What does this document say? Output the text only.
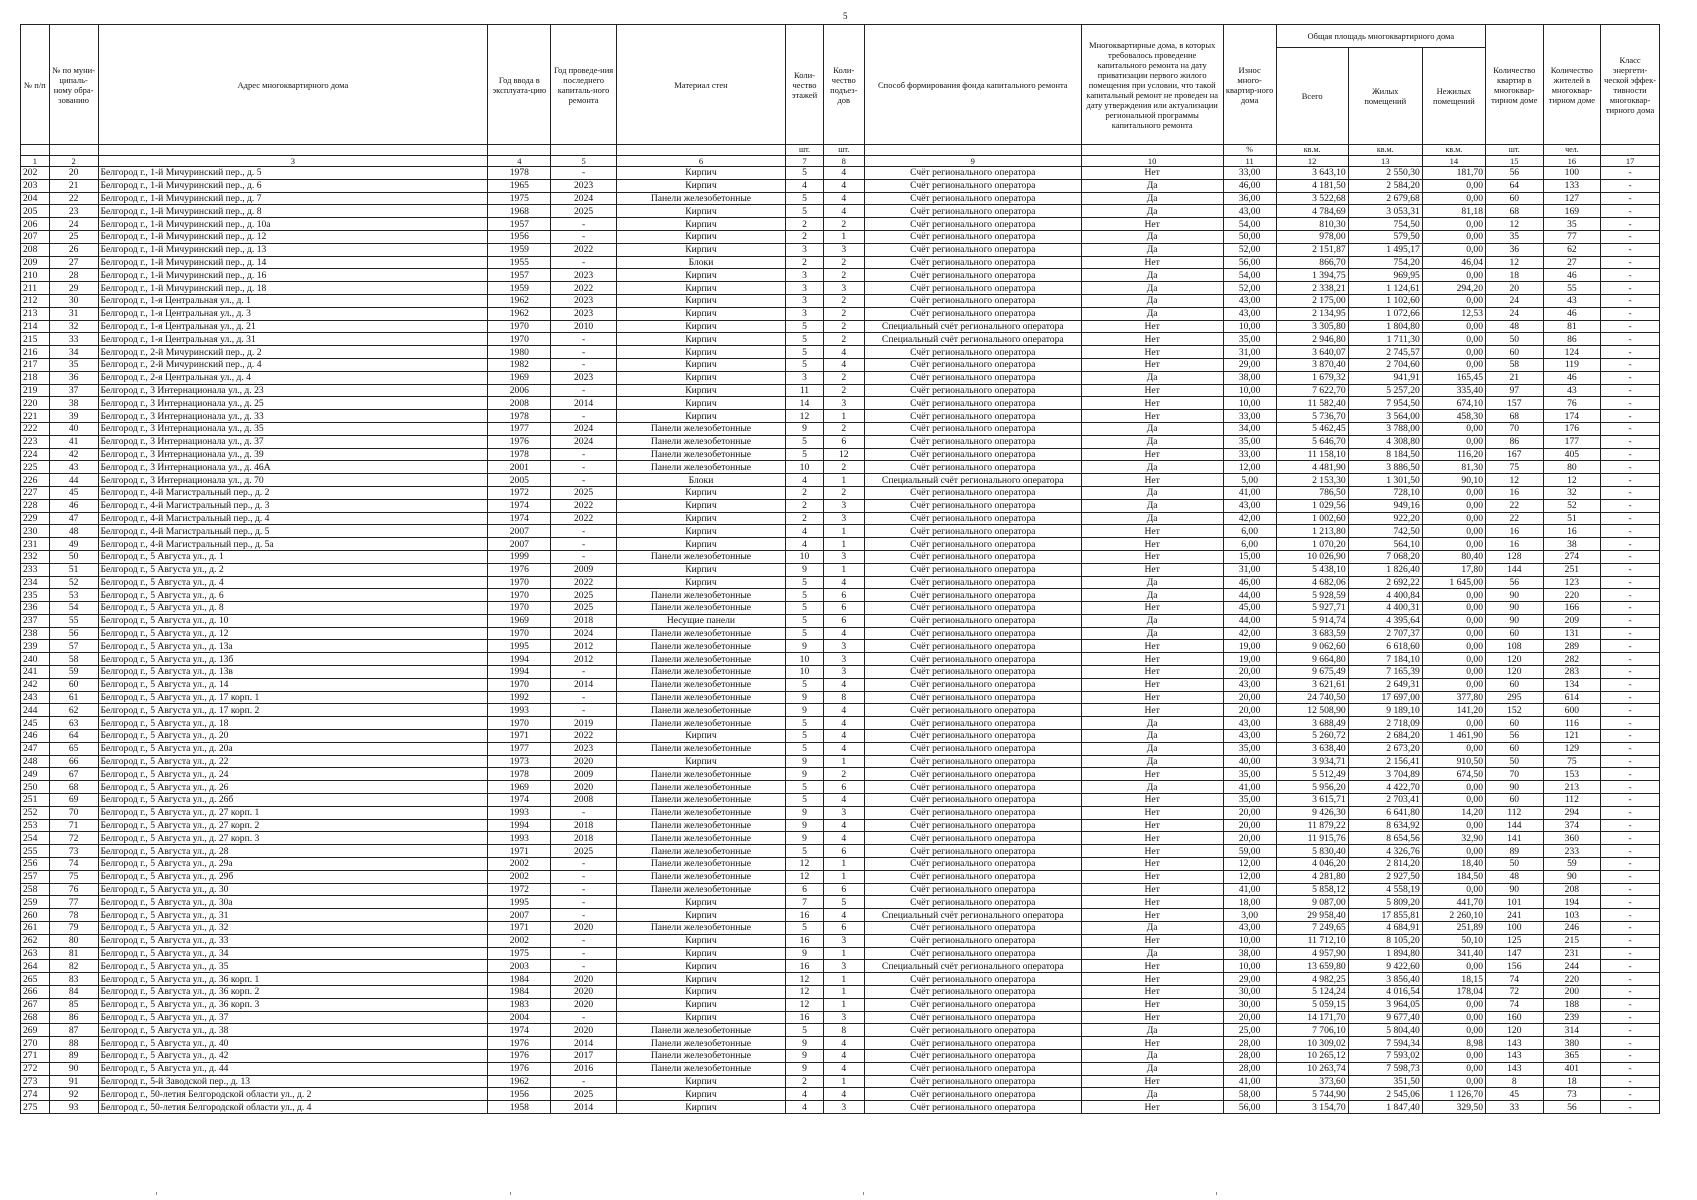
5
№ п/п	№ по муни-ципаль-ному обра-зованию	Адрес многоквартирного дома	Год ввода в эксплуата-цию	Год проведе-ния последнего капиталь-ного ремонта	Материал стен	Коли-чество этажей	Коли-чество подъез-дов	Способ формирования фонда капитального ремонта	Многоквартирные дома, в которых требовалось проведение капитального ремонта на дату приватизации первого жилого помещения при условии, что такой капитальный ремонт не проведен на дату утверждения или актуализации региональной программы капитального ремонта	Износ много-квартир-ного дома	Общая площадь многоквартирного дома			Количество квартир в многоквар-тирном доме	Количество жителей в многоквар-тирном доме	Класс энергети-ческой эффек-тивности многоквар-тирного дома
											Всего	Жилых помещений	Нежилых помещений			
						шт.	шт.			%	кв.м.	кв.м.	кв.м.	шт.	чел.	
1	2	3	4	5	6	7	8	9	10	11	12	13	14	15	16	17
202	20	Белгород г., 1-й Мичуринский пер., д. 5	1978	-	Кирпич	5	4	Счёт регионального оператора	Нет	33,00	3 643,10	2 550,30	181,70	56	100	-
203	21	Белгород г., 1-й Мичуринский пер., д. 6	1965	2023	Кирпич	4	4	Счёт регионального оператора	Да	46,00	4 181,50	2 584,20	0,00	64	133	-
204	22	Белгород г., 1-й Мичуринский пер., д. 7	1975	2024	Панели железобетонные	5	4	Счёт регионального оператора	Да	36,00	3 522,68	2 679,68	0,00	60	127	-
205	23	Белгород г., 1-й Мичуринский пер., д. 8	1968	2025	Кирпич	5	4	Счёт регионального оператора	Да	43,00	4 784,69	3 053,31	81,18	68	169	-
206	24	Белгород г., 1-й Мичуринский пер., д. 10а	1957	-	Кирпич	2	2	Счёт регионального оператора	Нет	54,00	810,30	754,50	0,00	12	35	-
207	25	Белгород г., 1-й Мичуринский пер., д. 12	1956	-	Кирпич	2	1	Счёт регионального оператора	Да	50,00	978,00	579,50	0,00	35	77	-
208	26	Белгород г., 1-й Мичуринский пер., д. 13	1959	2022	Кирпич	3	3	Счёт регионального оператора	Да	52,00	2 151,87	1 495,17	0,00	36	62	-
209	27	Белгород г., 1-й Мичуринский пер., д. 14	1955	-	Блоки	2	2	Счёт регионального оператора	Нет	56,00	866,70	754,20	46,04	12	27	-
210	28	Белгород г., 1-й Мичуринский пер., д. 16	1957	2023	Кирпич	3	2	Счёт регионального оператора	Да	54,00	1 394,75	969,95	0,00	18	46	-
211	29	Белгород г., 1-й Мичуринский пер., д. 18	1959	2022	Кирпич	3	3	Счёт регионального оператора	Да	52,00	2 338,21	1 124,61	294,20	20	55	-
212	30	Белгород г., 1-я Центральная ул., д. 1	1962	2023	Кирпич	3	2	Счёт регионального оператора	Да	43,00	2 175,00	1 102,60	0,00	24	43	-
213	31	Белгород г., 1-я Центральная ул., д. 3	1962	2023	Кирпич	3	2	Счёт регионального оператора	Да	43,00	2 134,95	1 072,66	12,53	24	46	-
214	32	Белгород г., 1-я Центральная ул., д. 21	1970	2010	Кирпич	5	2	Специальный счёт регионального оператора	Нет	10,00	3 305,80	1 804,80	0,00	48	81	-
215	33	Белгород г., 1-я Центральная ул., д. 31	1970	-	Кирпич	5	2	Специальный счёт регионального оператора	Нет	35,00	2 946,80	1 711,30	0,00	50	86	-
216	34	Белгород г., 2-й Мичуринский пер., д. 2	1980	-	Кирпич	5	4	Счёт регионального оператора	Нет	31,00	3 640,07	2 745,57	0,00	60	124	-
217	35	Белгород г., 2-й Мичуринский пер., д. 4	1982	-	Кирпич	5	4	Счёт регионального оператора	Нет	29,00	3 870,40	2 704,60	0,00	58	119	-
218	36	Белгород г., 2-я Центральная ул., д. 4	1969	2023	Кирпич	3	2	Счёт регионального оператора	Да	38,00	1 679,32	941,91	165,45	21	46	-
219	37	Белгород г., 3 Интернационала ул., д. 23	2006	-	Кирпич	11	2	Счёт регионального оператора	Нет	10,00	7 622,70	5 257,20	335,40	97	43	-
220	38	Белгород г., 3 Интернационала ул., д. 25	2008	2014	Кирпич	14	3	Счёт регионального оператора	Нет	10,00	11 582,40	7 954,50	674,10	157	76	-
221	39	Белгород г., 3 Интернационала ул., д. 33	1978	-	Кирпич	12	1	Счёт регионального оператора	Нет	33,00	5 736,70	3 564,00	458,30	68	174	-
222	40	Белгород г., 3 Интернационала ул., д. 35	1977	2024	Панели железобетонные	9	2	Счёт регионального оператора	Да	34,00	5 462,45	3 788,00	0,00	70	176	-
223	41	Белгород г., 3 Интернационала ул., д. 37	1976	2024	Панели железобетонные	5	6	Счёт регионального оператора	Да	35,00	5 646,70	4 308,80	0,00	86	177	-
224	42	Белгород г., 3 Интернационала ул., д. 39	1978	-	Панели железобетонные	5	12	Счёт регионального оператора	Нет	33,00	11 158,10	8 184,50	116,20	167	405	-
225	43	Белгород г., 3 Интернационала ул., д. 46А	2001	-	Панели железобетонные	10	2	Счёт регионального оператора	Да	12,00	4 481,90	3 886,50	81,30	75	80	-
226	44	Белгород г., 3 Интернационала ул., д. 70	2005	-	Блоки	4	1	Специальный счёт регионального оператора	Нет	5,00	2 153,30	1 301,50	90,10	12	12	-
227	45	Белгород г., 4-й Магистральный пер., д. 2	1972	2025	Кирпич	2	2	Счёт регионального оператора	Да	41,00	786,50	728,10	0,00	16	32	-
228	46	Белгород г., 4-й Магистральный пер., д. 3	1974	2022	Кирпич	2	3	Счёт регионального оператора	Да	43,00	1 029,56	949,16	0,00	22	52	-
229	47	Белгород г., 4-й Магистральный пер., д. 4	1974	2022	Кирпич	2	3	Счёт регионального оператора	Да	42,00	1 002,60	922,20	0,00	22	51	-
230	48	Белгород г., 4-й Магистральный пер., д. 5	2007	-	Кирпич	4	1	Счёт регионального оператора	Нет	6,00	1 213,80	742,50	0,00	16	16	-
231	49	Белгород г., 4-й Магистральный пер., д. 5а	2007	-	Кирпич	4	1	Счёт регионального оператора	Нет	6,00	1 070,20	564,10	0,00	16	38	-
232	50	Белгород г., 5 Августа ул., д. 1	1999	-	Панели железобетонные	10	3	Счёт регионального оператора	Нет	15,00	10 026,90	7 068,20	80,40	128	274	-
233	51	Белгород г., 5 Августа ул., д. 2	1976	2009	Кирпич	9	1	Счёт регионального оператора	Нет	31,00	5 438,10	1 826,40	17,80	144	251	-
234	52	Белгород г., 5 Августа ул., д. 4	1970	2022	Кирпич	5	4	Счёт регионального оператора	Да	46,00	4 682,06	2 692,22	1 645,00	56	123	-
235	53	Белгород г., 5 Августа ул., д. 6	1970	2025	Панели железобетонные	5	6	Счёт регионального оператора	Да	44,00	5 928,59	4 400,84	0,00	90	220	-
236	54	Белгород г., 5 Августа ул., д. 8	1970	2025	Панели железобетонные	5	6	Счёт регионального оператора	Нет	45,00	5 927,71	4 400,31	0,00	90	166	-
237	55	Белгород г., 5 Августа ул., д. 10	1969	2018	Несущие панели	5	6	Счёт регионального оператора	Да	44,00	5 914,74	4 395,64	0,00	90	209	-
238	56	Белгород г., 5 Августа ул., д. 12	1970	2024	Панели железобетонные	5	4	Счёт регионального оператора	Да	42,00	3 683,59	2 707,37	0,00	60	131	-
239	57	Белгород г., 5 Августа ул., д. 13а	1995	2012	Панели железобетонные	9	3	Счёт регионального оператора	Нет	19,00	9 062,60	6 618,60	0,00	108	289	-
240	58	Белгород г., 5 Августа ул., д. 13б	1994	2012	Панели железобетонные	10	3	Счёт регионального оператора	Нет	19,00	9 664,80	7 184,10	0,00	120	282	-
241	59	Белгород г., 5 Августа ул., д. 13в	1994	-	Панели железобетонные	10	3	Счёт регионального оператора	Нет	20,00	9 675,49	7 165,39	0,00	120	283	-
242	60	Белгород г., 5 Августа ул., д. 14	1970	2014	Панели железобетонные	5	4	Счёт регионального оператора	Нет	43,00	3 621,61	2 649,31	0,00	60	134	-
243	61	Белгород г., 5 Августа ул., д. 17 корп. 1	1992	-	Панели железобетонные	9	8	Счёт регионального оператора	Нет	20,00	24 740,50	17 697,00	377,80	295	614	-
244	62	Белгород г., 5 Августа ул., д. 17 корп. 2	1993	-	Панели железобетонные	9	4	Счёт регионального оператора	Нет	20,00	12 508,90	9 189,10	141,20	152	600	-
245	63	Белгород г., 5 Августа ул., д. 18	1970	2019	Панели железобетонные	5	4	Счёт регионального оператора	Да	43,00	3 688,49	2 718,09	0,00	60	116	-
246	64	Белгород г., 5 Августа ул., д. 20	1971	2022	Кирпич	5	4	Счёт регионального оператора	Да	43,00	5 260,72	2 684,20	1 461,90	56	121	-
247	65	Белгород г., 5 Августа ул., д. 20а	1977	2023	Панели железобетонные	5	4	Счёт регионального оператора	Да	35,00	3 638,40	2 673,20	0,00	60	129	-
248	66	Белгород г., 5 Августа ул., д. 22	1973	2020	Кирпич	9	1	Счёт регионального оператора	Да	40,00	3 934,71	2 156,41	910,50	50	75	-
249	67	Белгород г., 5 Августа ул., д. 24	1978	2009	Панели железобетонные	9	2	Счёт регионального оператора	Нет	35,00	5 512,49	3 704,89	674,50	70	153	-
250	68	Белгород г., 5 Августа ул., д. 26	1969	2020	Панели железобетонные	5	6	Счёт регионального оператора	Да	41,00	5 956,20	4 422,70	0,00	90	213	-
251	69	Белгород г., 5 Августа ул., д. 26б	1974	2008	Панели железобетонные	5	4	Счёт регионального оператора	Нет	35,00	3 615,71	2 703,41	0,00	60	112	-
252	70	Белгород г., 5 Августа ул., д. 27 корп. 1	1993	-	Панели железобетонные	9	3	Счёт регионального оператора	Нет	20,00	9 426,30	6 641,80	14,20	112	294	-
253	71	Белгород г., 5 Августа ул., д. 27 корп. 2	1994	2018	Панели железобетонные	9	4	Счёт регионального оператора	Нет	20,00	11 879,22	8 634,92	0,00	144	374	-
254	72	Белгород г., 5 Августа ул., д. 27 корп. 3	1993	2018	Панели железобетонные	9	4	Счёт регионального оператора	Нет	20,00	11 915,76	8 654,56	32,90	141	360	-
255	73	Белгород г., 5 Августа ул., д. 28	1971	2025	Панели железобетонные	5	6	Счёт регионального оператора	Нет	59,00	5 830,40	4 326,76	0,00	89	233	-
256	74	Белгород г., 5 Августа ул., д. 29а	2002	-	Панели железобетонные	12	1	Счёт регионального оператора	Нет	12,00	4 046,20	2 814,20	18,40	50	59	-
257	75	Белгород г., 5 Августа ул., д. 29б	2002	-	Панели железобетонные	12	1	Счёт регионального оператора	Нет	12,00	4 281,80	2 927,50	184,50	48	90	-
258	76	Белгород г., 5 Августа ул., д. 30	1972	-	Панели железобетонные	6	6	Счёт регионального оператора	Нет	41,00	5 858,12	4 558,19	0,00	90	208	-
259	77	Белгород г., 5 Августа ул., д. 30а	1995	-	Кирпич	7	5	Счёт регионального оператора	Нет	18,00	9 087,00	5 809,20	441,70	101	194	-
260	78	Белгород г., 5 Августа ул., д. 31	2007	-	Кирпич	16	4	Специальный счёт регионального оператора	Нет	3,00	29 958,40	17 855,81	2 260,10	241	103	-
261	79	Белгород г., 5 Августа ул., д. 32	1971	2020	Панели железобетонные	5	6	Счёт регионального оператора	Да	43,00	7 249,65	4 684,91	251,89	100	246	-
262	80	Белгород г., 5 Августа ул., д. 33	2002	-	Кирпич	16	3	Счёт регионального оператора	Нет	10,00	11 712,10	8 105,20	50,10	125	215	-
263	81	Белгород г., 5 Августа ул., д. 34	1975	-	Кирпич	9	1	Счёт регионального оператора	Да	38,00	4 957,90	1 894,80	341,40	147	231	-
264	82	Белгород г., 5 Августа ул., д. 35	2003	-	Кирпич	16	3	Специальный счёт регионального оператора	Нет	10,00	13 659,80	9 422,60	0,00	156	244	-
265	83	Белгород г., 5 Августа ул., д. 36 корп. 1	1984	2020	Кирпич	12	1	Счёт регионального оператора	Нет	29,00	4 982,25	3 856,40	18,15	74	220	-
266	84	Белгород г., 5 Августа ул., д. 36 корп. 2	1984	2020	Кирпич	12	1	Счёт регионального оператора	Нет	30,00	5 124,24	4 016,54	178,04	72	200	-
267	85	Белгород г., 5 Августа ул., д. 36 корп. 3	1983	2020	Кирпич	12	1	Счёт регионального оператора	Нет	30,00	5 059,15	3 964,05	0,00	74	188	-
268	86	Белгород г., 5 Августа ул., д. 37	2004	-	Кирпич	16	3	Счёт регионального оператора	Нет	20,00	14 171,70	9 677,40	0,00	160	239	-
269	87	Белгород г., 5 Августа ул., д. 38	1974	2020	Панели железобетонные	5	8	Счёт регионального оператора	Да	25,00	7 706,10	5 804,40	0,00	120	314	-
270	88	Белгород г., 5 Августа ул., д. 40	1976	2014	Панели железобетонные	9	4	Счёт регионального оператора	Нет	28,00	10 309,02	7 594,34	8,98	143	380	-
271	89	Белгород г., 5 Августа ул., д. 42	1976	2017	Панели железобетонные	9	4	Счёт регионального оператора	Да	28,00	10 265,12	7 593,02	0,00	143	365	-
272	90	Белгород г., 5 Августа ул., д. 44	1976	2016	Панели железобетонные	9	4	Счёт регионального оператора	Да	28,00	10 263,74	7 598,73	0,00	143	401	-
273	91	Белгород г., 5-й Заводской пер., д. 13	1962	-	Кирпич	2	1	Счёт регионального оператора	Нет	41,00	373,60	351,50	0,00	8	18	-
274	92	Белгород г., 50-летия Белгородской области ул., д. 2	1956	2025	Кирпич	4	4	Счёт регионального оператора	Да	58,00	5 744,90	2 545,06	1 126,70	45	73	-
275	93	Белгород г., 50-летия Белгородской области ул., д. 4	1958	2014	Кирпич	4	3	Счёт регионального оператора	Нет	56,00	3 154,70	1 847,40	329,50	33	56	-
